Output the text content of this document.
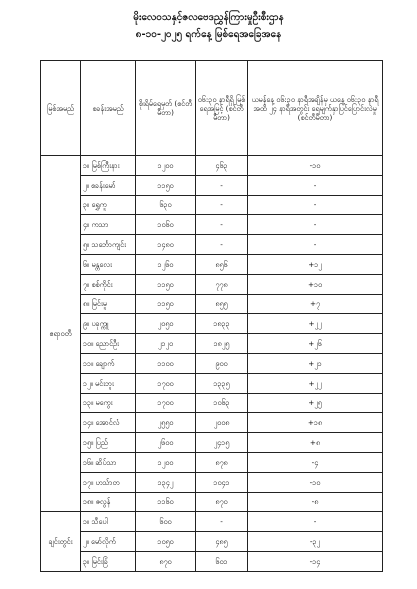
မိုးလေဝသနှင့်ဇလဗေဒညွှန်ကြားမှုဦးစီးဌာန
၈-၁၀-၂၀၂၅ ရက်နေ့ မြစ်ရေအခြေအနေ
မြစ်အမည်	စခန်းအမည်	စိုးရိမ်ရေမှတ် (စင်တီမီတာ)	၀၆:၃၀ နာရီရှိ မြစ်ရေအမြင့် (စင်တီမီတာ)	ယမန်နေ့ ၀၆:၃၀ နာရီအချိန်မှ ယနေ့ ၀၆:၃၀ နာရီအထိ ၂၄ နာရီအတွင်း ရေမျက်နှာပြင်ပြောင်းလဲမှု (စင်တီမီတာ)
ဧရာဝတီ	၁။ မြစ်ကြီးနား	၁၂၀၀	၄၆၃	-၁၀
	၂။ စခန်းမော်	၁၁၅၀	-	-
	၃။ ရွှေကူ	၆၃၀	-	-
	၄။ ကသာ	၁၀၆၀	-	-
	၅။ သင်္ဘောကျင်း	၁၄၈၀	-	-
	၆။ မန္တလေး	၁၂၆၀	၈၅၆	+၁၂
	၇။ စစ်ကိုင်း	၁၁၅၀	၇၇၈	+၁၀
	၈။ မြင်းမူ	၁၁၅၀	၈၅၅	+၇
	၉။ ပခုက္ကူ	၂၀၅၀	၁၈၃၃	+၂၂
	၁၀။ ညောင်ဦး	၂၁၂၀	၁၈၂၅	+၂၆
	၁၁။ ချောက်	၁၁၀၀	၉၀၀	+၂၁
	၁၂။ မင်းဘူး	၁၇၀၀	၁၃၃၅	+၂၂
	၁၃။ မကွေး	၁၇၀၀	၁၀၆၃	+၂၅
	၁၄။ အောင်လံ	၂၅၅၀	၂၀၀၈	+၁၈
	၁၅။ ပြည်	၂၆၀၀	၂၄၁၅	+၈
	၁၆။ ဆိပ်သာ	၁၂၀၀	၈၇၈	-၄
	၁၇။ ဟသ်ာတ	၁၃၄၂	၁၀၄၁	-၁၀
	၁၈။ ဇလွန်	၁၁၆၀	၈၇၀	-၈
ချင်းတွင်း	၁။ သီပေါ	၆၀၀	-	-
	၂။ မော်လိုက်	၁၀၅၀	၄၈၅	-၃၂
	၃။ မြင်းခြံ	၈၇၀	၆၀၁	-၁၄
